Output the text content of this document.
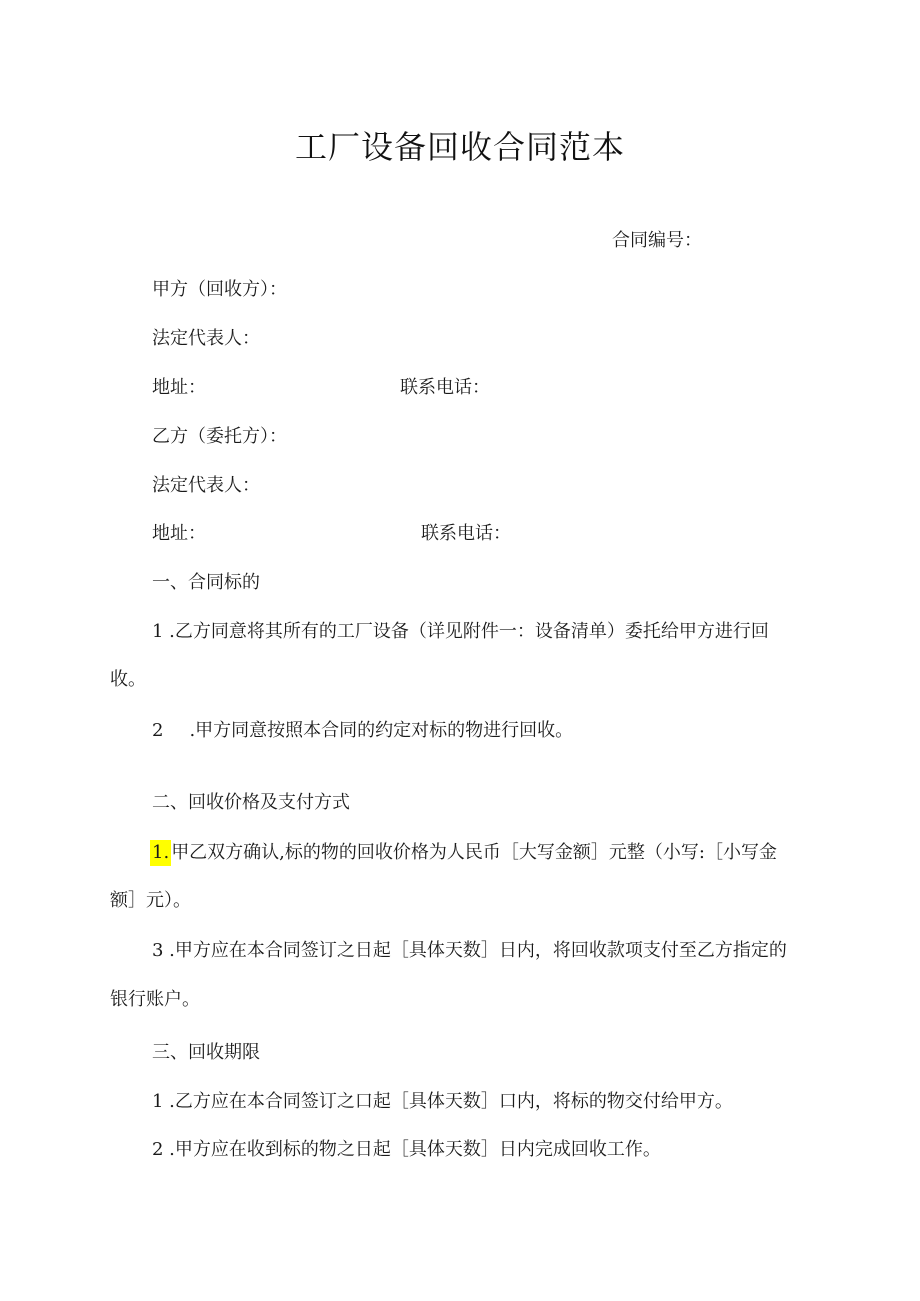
工厂设备回收合同范本
合同编号：
甲方（回收方）：
法定代表人：
地址：	联系电话：
乙方（委托方）：
法定代表人：
地址：	联系电话：
一、合同标的
1 .乙方同意将其所有的工厂设备（详见附件一：设备清单）委托给甲方进行回
收。
2 .甲方同意按照本合同的约定对标的物进行回收。
二、回收价格及支付方式
1. 甲乙双方确认,标的物的回收价格为人民币［大写金额］元整（小写:［小写金
额］元）。
3 .甲方应在本合同签订之日起［具体天数］日内，将回收款项支付至乙方指定的
银行账户。
三、回收期限
1 .乙方应在本合同签订之口起［具体天数］口内，将标的物交付给甲方。
2 .甲方应在收到标的物之日起［具体天数］日内完成回收工作。
